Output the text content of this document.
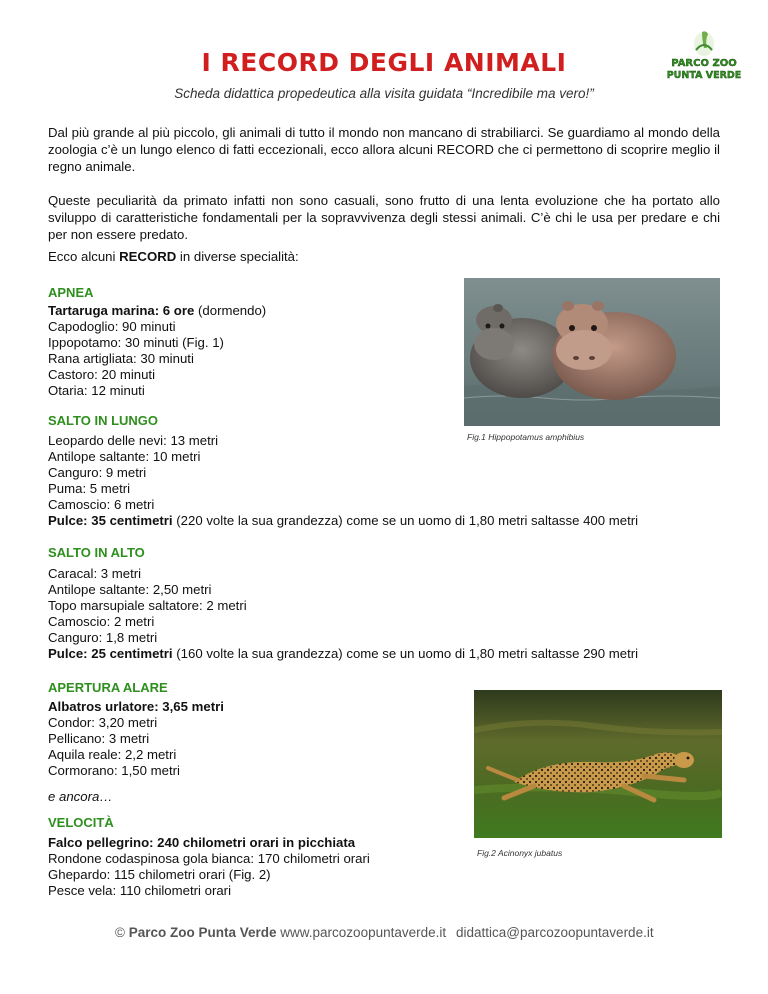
I RECORD DEGLI ANIMALI	PARCO ZOO
PUNTA VERDE

Scheda didattica propedeutica alla visita guidata “Incredibile ma vero!”

Dal più grande al più piccolo, gli animali di tutto il mondo non mancano di strabiliarci. Se guardiamo al mondo della zoologia c’è un lungo elenco di fatti eccezionali, ecco allora alcuni RECORD che ci permettono di scoprire meglio il regno animale.

Queste peculiarità da primato infatti non sono casuali, sono frutto di una lenta evoluzione che ha portato allo sviluppo di caratteristiche fondamentali per la sopravvivenza degli stessi animali. C’è chi le usa per predare e chi per non essere predato.

Ecco alcuni RECORD in diverse specialità:

APNEA

Tartaruga marina: 6 ore (dormendo)
Capodoglio: 90 minuti
Ippopotamo: 30 minuti (Fig. 1)
Rana artigliata: 30 minuti
Castoro: 20 minuti
Otaria: 12 minuti

Fig.1 Hippopotamus amphibius

SALTO IN LUNGO

Leopardo delle nevi: 13 metri
Antilope saltante: 10 metri
Canguro: 9 metri
Puma: 5 metri
Camoscio: 6 metri
Pulce: 35 centimetri (220 volte la sua grandezza) come se un uomo di 1,80 metri saltasse 400 metri

SALTO IN ALTO

Caracal: 3 metri
Antilope saltante: 2,50 metri
Topo marsupiale saltatore: 2 metri
Camoscio: 2 metri
Canguro: 1,8 metri
Pulce: 25 centimetri (160 volte la sua grandezza) come se un uomo di 1,80 metri saltasse 290 metri

APERTURA ALARE

Albatros urlatore: 3,65 metri
Condor: 3,20 metri
Pellicano: 3 metri
Aquila reale: 2,2 metri
Cormorano: 1,50 metri

e ancora…

Fig.2 Acinonyx jubatus

VELOCITÀ

Falco pellegrino: 240 chilometri orari in picchiata
Rondone codaspinosa gola bianca: 170 chilometri orari
Ghepardo: 115 chilometri orari (Fig. 2)
Pesce vela: 110 chilometri orari
© Parco Zoo Punta Verde www.parcozoopuntaverde.it didattica@parcozoopuntaverde.it
